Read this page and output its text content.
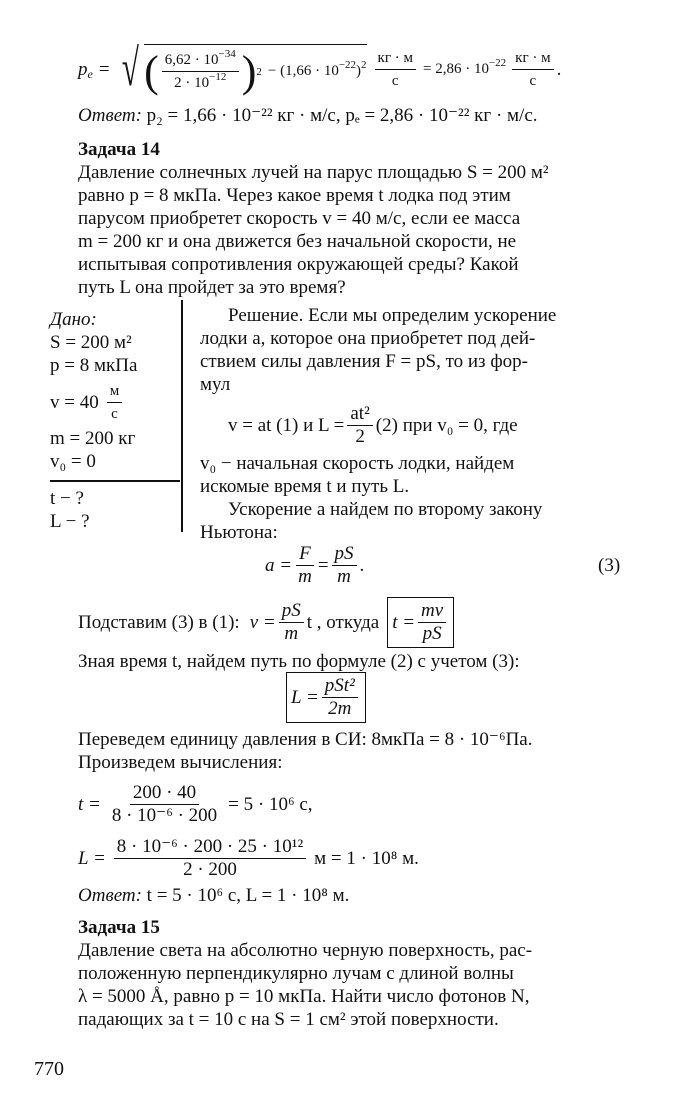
$p_e$ = √ ( $\frac{6,62 \cdot 10^{-34}}{2 \cdot 10^{-12}}$ ) $2 - (1,66 \cdot 10^{-22})^2 \frac{кг \cdot м}{с} = 2,86 \cdot 10^{-22} \frac{кг \cdot м}{с}$ .
Ответ: p₂ = 1,66 · 10⁻²² кг · м/с, pₑ = 2,86 · 10⁻²² кг · м/с.
Задача 14
Давление солнечных лучей на парус площадью S = 200 м²
равно p = 8 мкПа. Через какое время t лодка под этим
парусом приобретет скорость v = 40 м/с, если ее масса
m = 200 кг и она движется без начальной скорости, не
испытывая сопротивления окружающей среды? Какой
путь L она пройдет за это время?
Дано:
S = 200 м²
p = 8 мкПа
$v = 40 \frac{м}{с}$
m = 200 кг
v₀ = 0
t − ?
L − ?
Решение. Если мы определим ускорение
лодки a, которое она приобретет под дей-
ствием силы давления F = pS, то из фор-
мул
v = at (1) и $L = \frac{\text{at²}}{2} (2)$ при v₀ = 0, где
v₀ − начальная скорость лодки, найдем
искомые время t и путь L.
Ускорение a найдем по второму закону
Ньютона:
$a = \frac{F}{m} = \frac{pS}{m}$ .	(3)
Подставим (3) в (1): $v = \frac{pS}{m}$ t , откуда $t = \frac{mv}{pS}$
Зная время t, найдем путь по формуле (2) с учетом (3):
$L = \frac{\text{pSt²}}{2m}$
Переведем единицу давления в СИ: 8мкПа = 8 · 10⁻⁶Па.
Произведем вычисления:
$t = \frac{200 \cdot 40}{\text{8 · 10⁻⁶ · 200}} = 5 \cdot 10^6$ с,
$L = \frac{\text{8 · 10⁻⁶ · 200 · 25 · 10¹²}}{2 \cdot 200}$ м = 1 · 10⁸ м.
Ответ: t = 5 · 10⁶ с, L = 1 · 10⁸ м.
Задача 15
Давление света на абсолютно черную поверхность, рас-
положенную перпендикулярно лучам с длиной волны
λ = 5000 Å, равно p = 10 мкПа. Найти число фотонов N,
падающих за t = 10 с на S = 1 см² этой поверхности.
770
